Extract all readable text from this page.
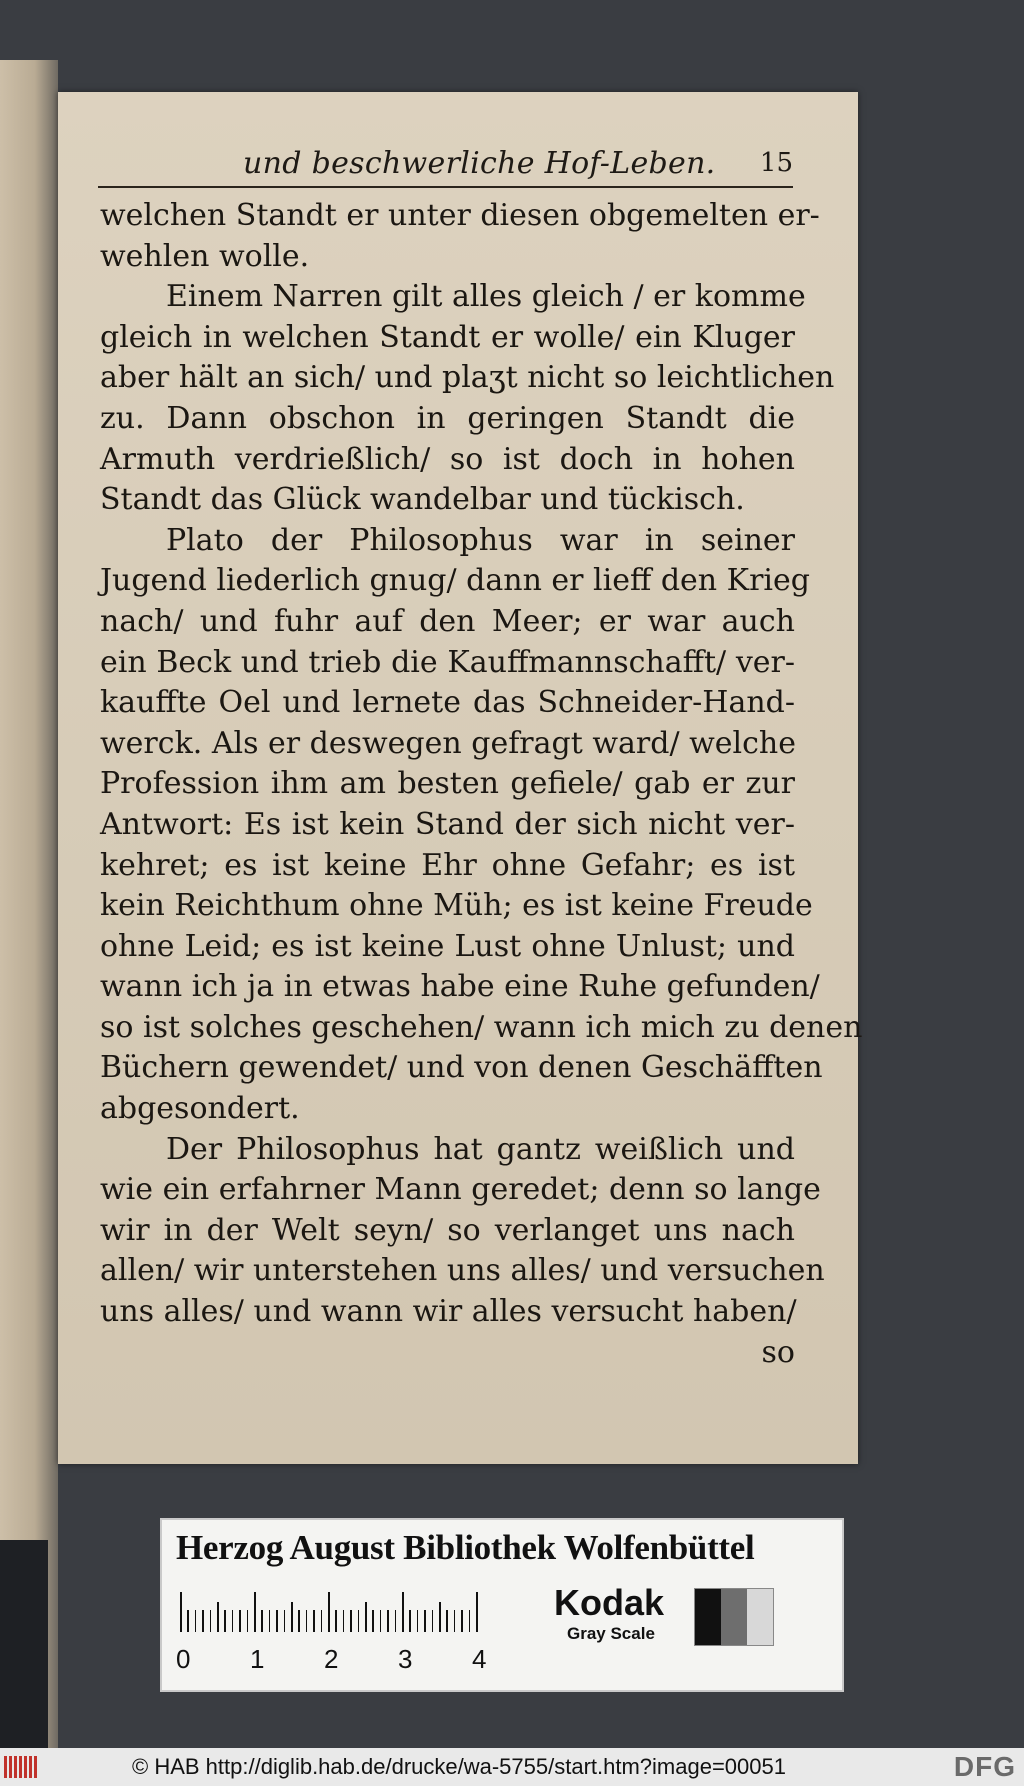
und beschwerliche Hof-Leben. 15
welchen Standt er unter diesen obgemelten er-
wehlen wolle.
Einem Narren gilt alles gleich / er komme
gleich in welchen Standt er wolle/ ein Kluger
aber hält an sich/ und plaʒt nicht so leichtlichen
zu. Dann obschon in geringen Standt die
Armuth verdrießlich/ so ist doch in hohen
Standt das Glück wandelbar und tückisch.
Plato der Philosophus war in seiner
Jugend liederlich gnug/ dann er lieff den Krieg
nach/ und fuhr auf den Meer; er war auch
ein Beck und trieb die Kauffmannschafft/ ver-
kauffte Oel und lernete das Schneider-Hand-
werck. Als er deswegen gefragt ward/ welche
Profession ihm am besten gefiele/ gab er zur
Antwort: Es ist kein Stand der sich nicht ver-
kehret; es ist keine Ehr ohne Gefahr; es ist
kein Reichthum ohne Müh; es ist keine Freude
ohne Leid; es ist keine Lust ohne Unlust; und
wann ich ja in etwas habe eine Ruhe gefunden/
so ist solches geschehen/ wann ich mich zu denen
Büchern gewendet/ und von denen Geschäfften
abgesondert.
Der Philosophus hat gantz weißlich und
wie ein erfahrner Mann geredet; denn so lange
wir in der Welt seyn/ so verlanget uns nach
allen/ wir unterstehen uns alles/ und versuchen
uns alles/ und wann wir alles versucht haben/
so
Herzog August Bibliothek Wolfenbüttel
0 1 2 3 4
Kodak
Gray Scale
© HAB http://diglib.hab.de/drucke/wa-5755/start.htm?image=00051	DFG
